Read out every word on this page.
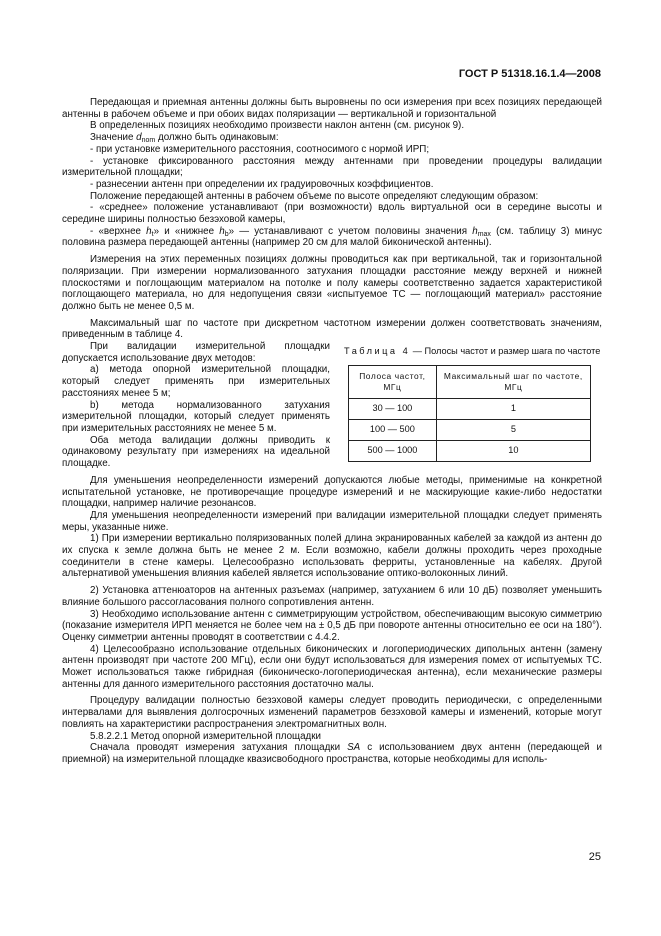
ГОСТ Р 51318.16.1.4—2008

Передающая и приемная антенны должны быть выровнены по оси измерения при всех позициях передающей антенны в рабочем объеме и при обоих видах поляризации — вертикальной и горизонтальной

В определенных позициях необходимо произвести наклон антенн (см. рисунок 9).

Значение $d_{nom}$ должно быть одинаковым:

- при установке измерительного расстояния, соотносимого с нормой ИРП;

- установке фиксированного расстояния между антеннами при проведении процедуры валидации измерительной площадки;

- разнесении антенн при определении их градуировочных коэффициентов.

Положение передающей антенны в рабочем объеме по высоте определяют следующим образом:

- «среднее» положение устанавливают (при возможности) вдоль виртуальной оси в середине высоты и середине ширины полностью безэховой камеры,

- «верхнее $h_t$» и «нижнее $h_b$» — устанавливают с учетом половины значения $h_{max}$ (см. таблицу 3) минус половина размера передающей антенны (например 20 см для малой биконической антенны).

Измерения на этих переменных позициях должны проводиться как при вертикальной, так и горизонтальной поляризации. При измерении нормализованного затухания площадки расстояние между верхней и нижней плоскостями и поглощающим материалом на потолке и полу камеры соответственно задается характеристикой поглощающего материала, но для недопущения связи «испытуемое ТС — поглощающий материал» расстояние должно быть не менее 0,5 м.

Максимальный шаг по частоте при дискретном частотном измерении должен соответствовать значениям, приведенным в таблице 4.

При валидации измерительной площадки допускается использование двух методов:

а) метода опорной измерительной площадки, который следует применять при измерительных расстояниях менее 5 м;

b) метода нормализованного затухания измерительной площадки, который следует применять при измерительных расстояниях не менее 5 м.

Оба метода валидации должны приводить к одинаковому результату при измерениях на идеальной площадке.

Таблица 4 — Полосы частот и размер шага по частоте
Полоса частот, МГц	Максимальный шаг по частоте, МГц
30 — 100	1
100 — 500	5
500 — 1000	10

Для уменьшения неопределенности измерений допускаются любые методы, применимые на конкретной испытательной установке, не противоречащие процедуре измерений и не маскирующие какие-либо недостатки площадки, например наличие резонансов.

Для уменьшения неопределенности измерений при валидации измерительной площадки следует применять меры, указанные ниже.

1) При измерении вертикально поляризованных полей длина экранированных кабелей за каждой из антенн до их спуска к земле должна быть не менее 2 м. Если возможно, кабели должны проходить через проходные соединители в стене камеры. Целесообразно использовать ферриты, установленные на кабелях. Другой альтернативой уменьшения влияния кабелей является использование оптико-волоконных линий.

2) Установка аттенюаторов на антенных разъемах (например, затуханием 6 или 10 дБ) позволяет уменьшить влияние большого рассогласования полного сопротивления антенн.

3) Необходимо использование антенн с симметрирующим устройством, обеспечивающим высокую симметрию (показание измерителя ИРП меняется не более чем на ± 0,5 дБ при повороте антенны относительно ее оси на 180°). Оценку симметрии антенны проводят в соответствии с 4.4.2.

4) Целесообразно использование отдельных биконических и логопериодических дипольных антенн (замену антенн производят при частоте 200 МГц), если они будут использоваться для измерения помех от испытуемых ТС. Может использоваться также гибридная (биконическо-логопериодическая антенна), если механические размеры антенны для данного измерительного расстояния достаточно малы.

Процедуру валидации полностью безэховой камеры следует проводить периодически, с определенными интервалами для выявления долгосрочных изменений параметров безэховой камеры и изменений, которые могут повлиять на характеристики распространения электромагнитных волн.

5.8.2.2.1 Метод опорной измерительной площадки

Сначала проводят измерения затухания площадки SA с использованием двух антенн (передающей и приемной) на измерительной площадке квазисвободного пространства, которые необходимы для исполь-

25
